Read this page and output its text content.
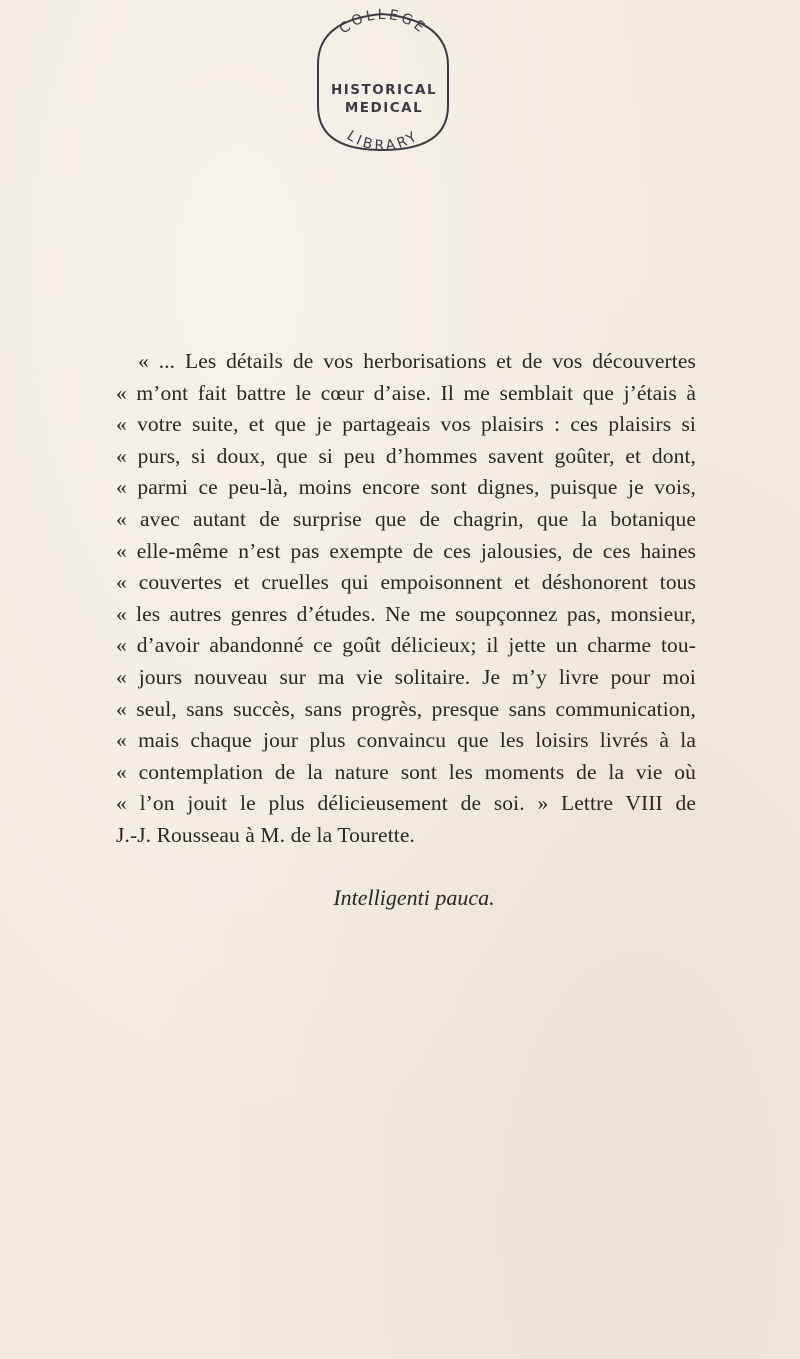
COLLEGE
HISTORICAL
MEDICAL
LIBRARY
« ... Les détails de vos herborisations et de vos découvertes
« m’ont fait battre le cœur d’aise. Il me semblait que j’étais à
« votre suite, et que je partageais vos plaisirs : ces plaisirs si
« purs, si doux, que si peu d’hommes savent goûter, et dont,
« parmi ce peu-là, moins encore sont dignes, puisque je vois,
« avec autant de surprise que de chagrin, que la botanique
« elle-même n’est pas exempte de ces jalousies, de ces haines
« couvertes et cruelles qui empoisonnent et déshonorent tous
« les autres genres d’études. Ne me soupçonnez pas, monsieur,
« d’avoir abandonné ce goût délicieux; il jette un charme tou-
« jours nouveau sur ma vie solitaire. Je m’y livre pour moi
« seul, sans succès, sans progrès, presque sans communication,
« mais chaque jour plus convaincu que les loisirs livrés à la
« contemplation de la nature sont les moments de la vie où
« l’on jouit le plus délicieusement de soi. » Lettre VIII de
J.-J. Rousseau à M. de la Tourette.
Intelligenti pauca.
